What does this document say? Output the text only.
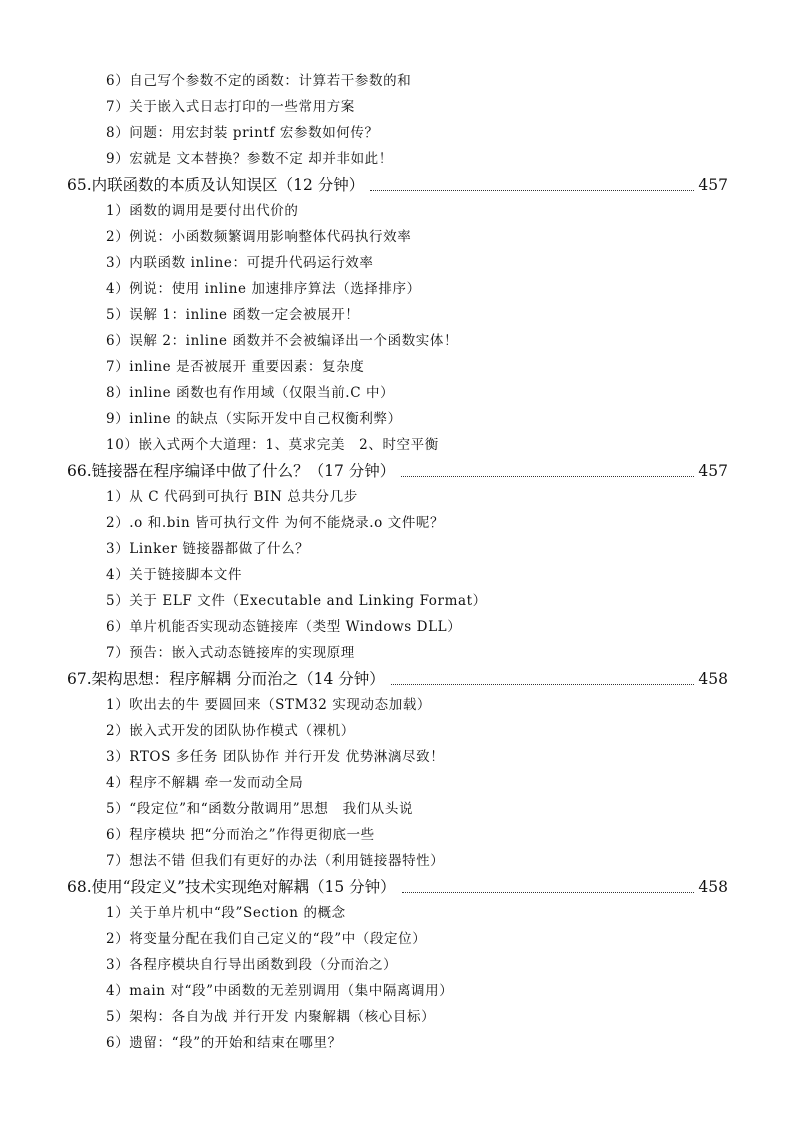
6）自己写个参数不定的函数：计算若干参数的和
7）关于嵌入式日志打印的一些常用方案
8）问题：用宏封装 printf 宏参数如何传？
9）宏就是 文本替换？参数不定 却并非如此！
65.内联函数的本质及认知误区（12 分钟）	457
1）函数的调用是要付出代价的
2）例说：小函数频繁调用影响整体代码执行效率
3）内联函数 inline：可提升代码运行效率
4）例说：使用 inline 加速排序算法（选择排序）
5）误解 1：inline 函数一定会被展开！
6）误解 2：inline 函数并不会被编译出一个函数实体！
7）inline 是否被展开 重要因素：复杂度
8）inline 函数也有作用域（仅限当前.C 中）
9）inline 的缺点（实际开发中自己权衡利弊）
10）嵌入式两个大道理：1、莫求完美　2、时空平衡
66.链接器在程序编译中做了什么？（17 分钟）	457
1）从 C 代码到可执行 BIN 总共分几步
2）.o 和.bin 皆可执行文件 为何不能烧录.o 文件呢？
3）Linker 链接器都做了什么？
4）关于链接脚本文件
5）关于 ELF 文件（Executable and Linking Format）
6）单片机能否实现动态链接库（类型 Windows DLL）
7）预告：嵌入式动态链接库的实现原理
67.架构思想：程序解耦 分而治之（14 分钟）	458
1）吹出去的牛 要圆回来（STM32 实现动态加载）
2）嵌入式开发的团队协作模式（裸机）
3）RTOS 多任务 团队协作 并行开发 优势淋漓尽致！
4）程序不解耦 牵一发而动全局
5）“段定位”和“函数分散调用”思想　我们从头说
6）程序模块 把“分而治之”作得更彻底一些
7）想法不错 但我们有更好的办法（利用链接器特性）
68.使用“段定义”技术实现绝对解耦（15 分钟）	458
1）关于单片机中“段”Section 的概念
2）将变量分配在我们自己定义的“段”中（段定位）
3）各程序模块自行导出函数到段（分而治之）
4）main 对“段”中函数的无差别调用（集中隔离调用）
5）架构：各自为战 并行开发 内聚解耦（核心目标）
6）遗留：“段”的开始和结束在哪里？
